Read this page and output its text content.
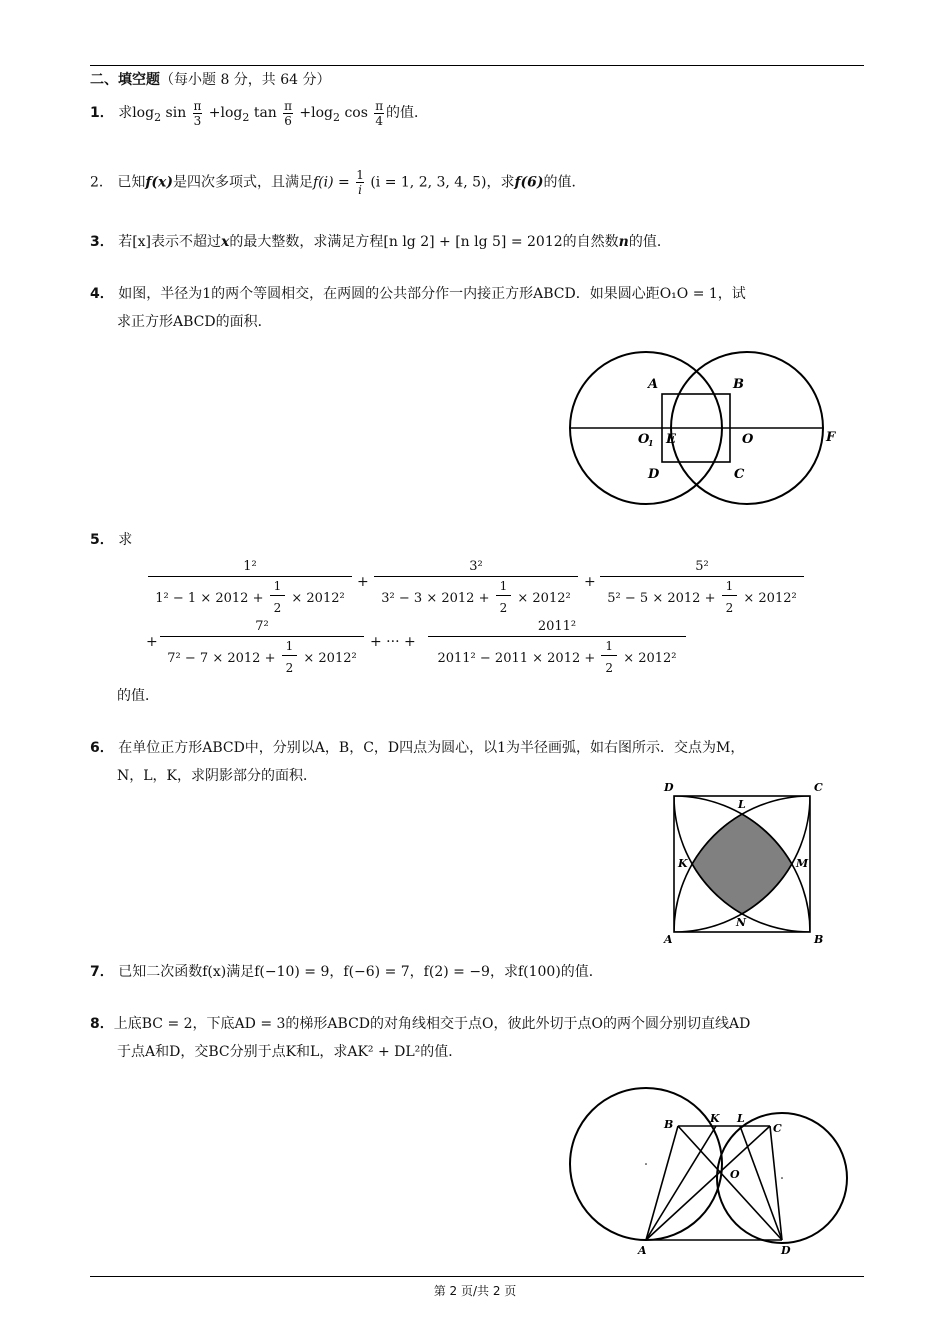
二、填空题（每小题 8 分，共 64 分）
1． 求$\log_2 \sin \frac{\pi}{3} +\log_2$ $\tan \frac{\pi}{6} +\log_2$ $\cos \frac{\pi}{4}$ 的值．
2． 已知f(x)是四次多项式，且满足$f(i) = \frac{1}{i} (i = 1$, 2, 3, 4, 5)，求f(6)的值．
3． 若[x]表示不超过x的最大整数，求满足方程[n lg 2] + [n lg 5] = 2012的自然数n的值．
4． 如图，半径为1的两个等圆相交，在两圆的公共部分作一内接正方形ABCD．如果圆心距O₁O = 1，试
求正方形ABCD的面积．
A	B
O
1 E	O	F
D	C
5． 求
$\frac{\text{1²}}{1^2 - 1 \times 2012 + \frac{1}{2} \times 2012^2} + \frac{\text{3²}}{3^2 - 3 \times 2012 + \frac{1}{2} \times 2012^2} + \frac{\text{5²}}{5^2 - 5 \times 2012 + \frac{1}{2} \times 2012^2}$
+ $\frac{\text{7²}}{7^2 - 7 \times 2012 + \frac{1}{2} \times 2012^2}$ + ··· + $\frac{\text{2011²}}{2011^2 - 2011 \times 2012 + \frac{1}{2} \times 2012^2}$
的值．
6． 在单位正方形ABCD中，分别以A，B，C，D四点为圆心，以1为半径画弧，如右图所示．交点为M，
N，L，K，求阴影部分的面积．
D	C
L
K	M
N
A	B
7． 已知二次函数f(x)满足f(−10) = 9，f(−6) = 7，f(2) = −9，求f(100)的值．
8．上底BC = 2，下底AD = 3的梯形ABCD的对角线相交于点O，彼此外切于点O的两个圆分别切直线AD
于点A和D，交BC分别于点K和L，求AK² + DL²的值．
B	K L
C
O
A	D
第 2 页/共 2 页
